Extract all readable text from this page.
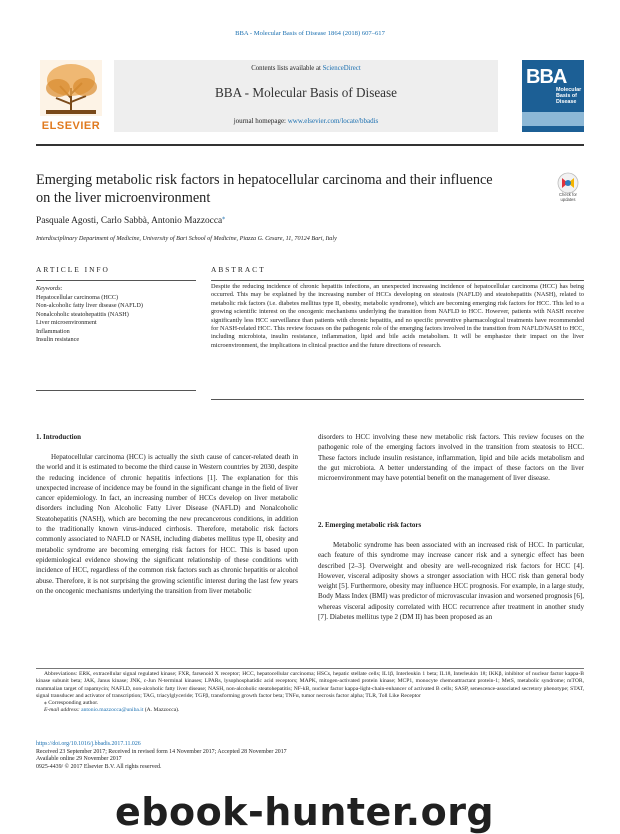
BBA - Molecular Basis of Disease 1864 (2018) 607–617
ELSEVIER
Contents lists available at ScienceDirect
BBA - Molecular Basis of Disease
journal homepage: www.elsevier.com/locate/bbadis
BBA
Molecular
Basis of
Disease
Emerging metabolic risk factors in hepatocellular carcinoma and their influence on the liver microenvironment	Check for updates
Pasquale Agosti, Carlo Sabbà, Antonio Mazzocca⁎
Interdisciplinary Department of Medicine, University of Bari School of Medicine, Piazza G. Cesare, 11, 70124 Bari, Italy
ARTICLE INFO	ABSTRACT
Keywords:
Hepatocellular carcinoma (HCC)
Non-alcoholic fatty liver disease (NAFLD)
Nonalcoholic steatohepatitis (NASH)
Liver microenvironment
Inflammation
Insulin resistance
Despite the reducing incidence of chronic hepatitis infections, an unexpected increasing incidence of hepatocellular carcinoma (HCC) has being occurred. This may be explained by the increasing number of HCCs developing on steatosis (NAFLD) and steatohepatitis (NASH), related to metabolic risk factors (i.e. diabetes mellitus type II, obesity, metabolic syndrome), which are becoming emerging risk factors for HCC. This led to a growing scientific interest on the oncogenic mechanisms underlying the transition from NAFLD to HCC. However, patients with NASH receive significantly less HCC surveillance than patients with chronic hepatitis, and no specific preventive pharmacological treatments have recommended for NASH-related HCC. This review focuses on the pathogenic role of the emerging factors involved in the transition from NAFLD/NASH to HCC, including microbiota, insulin resistance, inflammation, lipid and bile acids metabolism. It will be emphasize their impact on the liver microenvironment, the implications in clinical practice and the future directions of research.
1. Introduction

Hepatocellular carcinoma (HCC) is actually the sixth cause of cancer-related death in the world and it is estimated to become the third cause in Western countries by 2030, despite the reducing incidence of chronic hepatitis infections [1]. The explanation for this unexpected increase of incidence may be found in the significant change in the field of liver cancer epidemiology. In fact, an increasing number of HCCs develop on liver metabolic disorders including Non Alcoholic Fatty Liver Disease (NAFLD) and Nonalcoholic Steatohepatitis (NASH), which are becoming the new precancerous conditions, in addition to the traditionally known virus-induced cirrhosis. Therefore, metabolic risk factors commonly associated to NAFLD or NASH, including diabetes mellitus type II, obesity and metabolic syndrome are becoming emerging risk factors for HCC. This is based upon epidemiological evidence showing the significant relationship of these conditions with incidence of HCC, regardless of the common risk factors such as chronic hepatitis or alcohol abuse. Therefore, it is not surprising the growing scientific interest during the last few years on the oncogenic mechanisms underlying the transition from liver metabolic

disorders to HCC involving these new metabolic risk factors. This review focuses on the pathogenic role of the emerging factors involved in the transition from steatosis to HCC. These factors include insulin resistance, inflammation, lipid and bile acids metabolism and the gut microbiota. A better understanding of the impact of these factors on the liver microenvironment may have potential benefit on the management of liver disease.

2. Emerging metabolic risk factors

Metabolic syndrome has been associated with an increased risk of HCC. In particular, each feature of this syndrome may increase cancer risk and a synergic effect has been described [2–3]. Overweight and obesity are well-recognized risk factors for HCC [4]. However, visceral adiposity shows a stronger association with HCC risk than general body weight [5]. Furthermore, obesity may influence HCC prognosis. For example, in a large study, Body Mass Index (BMI) was predictor of microvascular invasion and worsened prognosis [6], whereas visceral adiposity correlated with HCC recurrence after treatment in another study [7]. Diabetes mellitus type 2 (DM II) has been proposed as an

Abbreviations: ERK, extracellular signal regulated kinase; FXR, farsenoid X receptor; HCC, hepatocellular carcinoma; HSCs, hepatic stellate cells; IL1β, Interleukin 1 beta; IL18, Interleukin 18; IKKβ, inhibitor of nuclear factor kappa-B kinase subunit beta; JAK, Janus kinase; JNK, c-Jun N-terminal kinases; LPARs, lysophosphatidic acid receptors; MAPK, mitogen-activated protein kinase; MCP1, monocyte chemoattractant protein-1; MetS, metabolic syndrome; mTOR, mammalian target of rapamycin; NAFLD, non-alcoholic fatty liver disease; NASH, non-alcoholic steatohepatitis; NF-kB, nuclear factor kappa-light-chain-enhancer of activated B cells; SASP, senescence-associated secretory phenotype; STAT, signal transducer and activator of transcription; TAG, triacylglyceride; TGFβ, transforming growth factor beta; TNFα, tumor necrosis factor alpha; TLR, Toll Like Receptor

⁎ Corresponding author.

E-mail address: antonio.mazzocca@uniba.it (A. Mazzocca).

https://doi.org/10.1016/j.bbadis.2017.11.026
Received 23 September 2017; Received in revised form 14 November 2017; Accepted 28 November 2017
Available online 29 November 2017
0925-4439/ © 2017 Elsevier B.V. All rights reserved.
ebook-hunter.org
